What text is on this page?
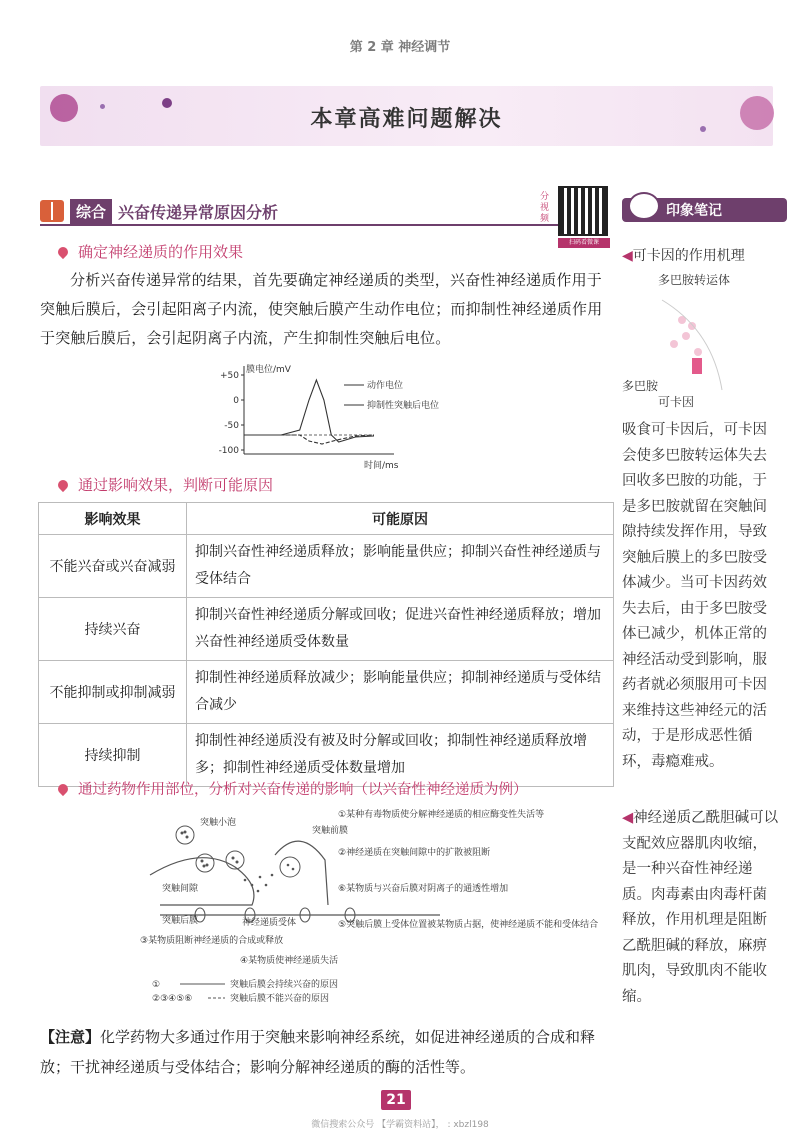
第 2 章 神经调节
本章高难问题解决
综合 兴奋传递异常原因分析
分视频
扫码看微课
确定神经递质的作用效果
分析兴奋传递异常的结果，首先要确定神经递质的类型，兴奋性神经递质作用于突触后膜后，会引起阳离子内流，使突触后膜产生动作电位；而抑制性神经递质作用于突触后膜后，会引起阴离子内流，产生抑制性突触后电位。
膜电位/mV
时间/ms
+50
0
-50
-100
动作电位
抑制性突触后电位
通过影响效果，判断可能原因
影响效果	可能原因
不能兴奋或兴奋减弱	抑制兴奋性神经递质释放；影响能量供应；抑制兴奋性神经递质与受体结合
持续兴奋	抑制兴奋性神经递质分解或回收；促进兴奋性神经递质释放；增加兴奋性神经递质受体数量
不能抑制或抑制减弱	抑制性神经递质释放减少；影响能量供应；抑制神经递质与受体结合减少
持续抑制	抑制性神经递质没有被及时分解或回收；抑制性神经递质释放增多；抑制性神经递质受体数量增加
通过药物作用部位，分析对兴奋传递的影响（以兴奋性神经递质为例）
突触小泡
突触前膜
突触间隙
突触后膜	神经递质受体
①某种有毒物质使分解神经递质的相应酶变性失活等
②神经递质在突触间隙中的扩散被阻断
⑥某物质与兴奋后膜对阴离子的通透性增加
⑤突触后膜上受体位置被某物质占据，使神经递质不能和受体结合
③某物质阻断神经递质的合成或释放
④某物质使神经递质失活
①	突触后膜会持续兴奋的原因
②③④⑤⑥	突触后膜不能兴奋的原因
【注意】化学药物大多通过作用于突触来影响神经系统，如促进神经递质的合成和释放；干扰神经递质与受体结合；影响分解神经递质的酶的活性等。
21
微信搜索公众号 【学霸资料站】， : xbzl198
印象笔记
◀可卡因的作用机理
多巴胺转运体
多巴胺
可卡因
吸食可卡因后，可卡因会使多巴胺转运体失去回收多巴胺的功能，于是多巴胺就留在突触间隙持续发挥作用，导致突触后膜上的多巴胺受体减少。当可卡因药效失去后，由于多巴胺受体已减少，机体正常的神经活动受到影响，服药者就必须服用可卡因来维持这些神经元的活动，于是形成恶性循环，毒瘾难戒。
◀神经递质乙酰胆碱可以支配效应器肌肉收缩，是一种兴奋性神经递质。肉毒素由肉毒杆菌释放，作用机理是阻断乙酰胆碱的释放，麻痹肌肉，导致肌肉不能收缩。
